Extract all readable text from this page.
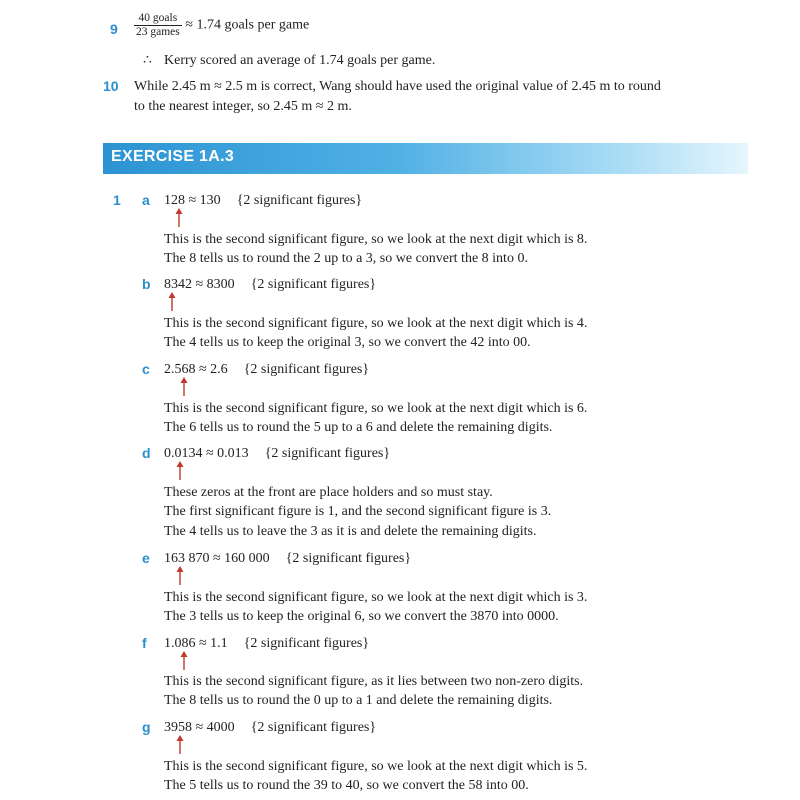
$9 \frac{\text{40 goals}}{\text{23 games}} \approx 1.74$ goals per game
∴ Kerry scored an average of 1.74 goals per game.
10 While 2.45 m ≈ 2.5 m is correct, Wang should have used the original value of 2.45 m to round
to the nearest integer, so 2.45 m ≈ 2 m.
EXERCISE 1A.3
1 a 128 ≈ 130 {2 significant figures}
This is the second significant figure, so we look at the next digit which is 8.
The 8 tells us to round the 2 up to a 3, so we convert the 8 into 0.
b 8342 ≈ 8300 {2 significant figures}
This is the second significant figure, so we look at the next digit which is 4.
The 4 tells us to keep the original 3, so we convert the 42 into 00.
c 2.568 ≈ 2.6 {2 significant figures}
This is the second significant figure, so we look at the next digit which is 6.
The 6 tells us to round the 5 up to a 6 and delete the remaining digits.
d 0.0134 ≈ 0.013 {2 significant figures}
These zeros at the front are place holders and so must stay.
The first significant figure is 1, and the second significant figure is 3.
The 4 tells us to leave the 3 as it is and delete the remaining digits.
e 163 870 ≈ 160 000 {2 significant figures}
This is the second significant figure, so we look at the next digit which is 3.
The 3 tells us to keep the original 6, so we convert the 3870 into 0000.
f 1.086 ≈ 1.1 {2 significant figures}
This is the second significant figure, as it lies between two non-zero digits.
The 8 tells us to round the 0 up to a 1 and delete the remaining digits.
g 3958 ≈ 4000 {2 significant figures}
This is the second significant figure, so we look at the next digit which is 5.
The 5 tells us to round the 39 to 40, so we convert the 58 into 00.
